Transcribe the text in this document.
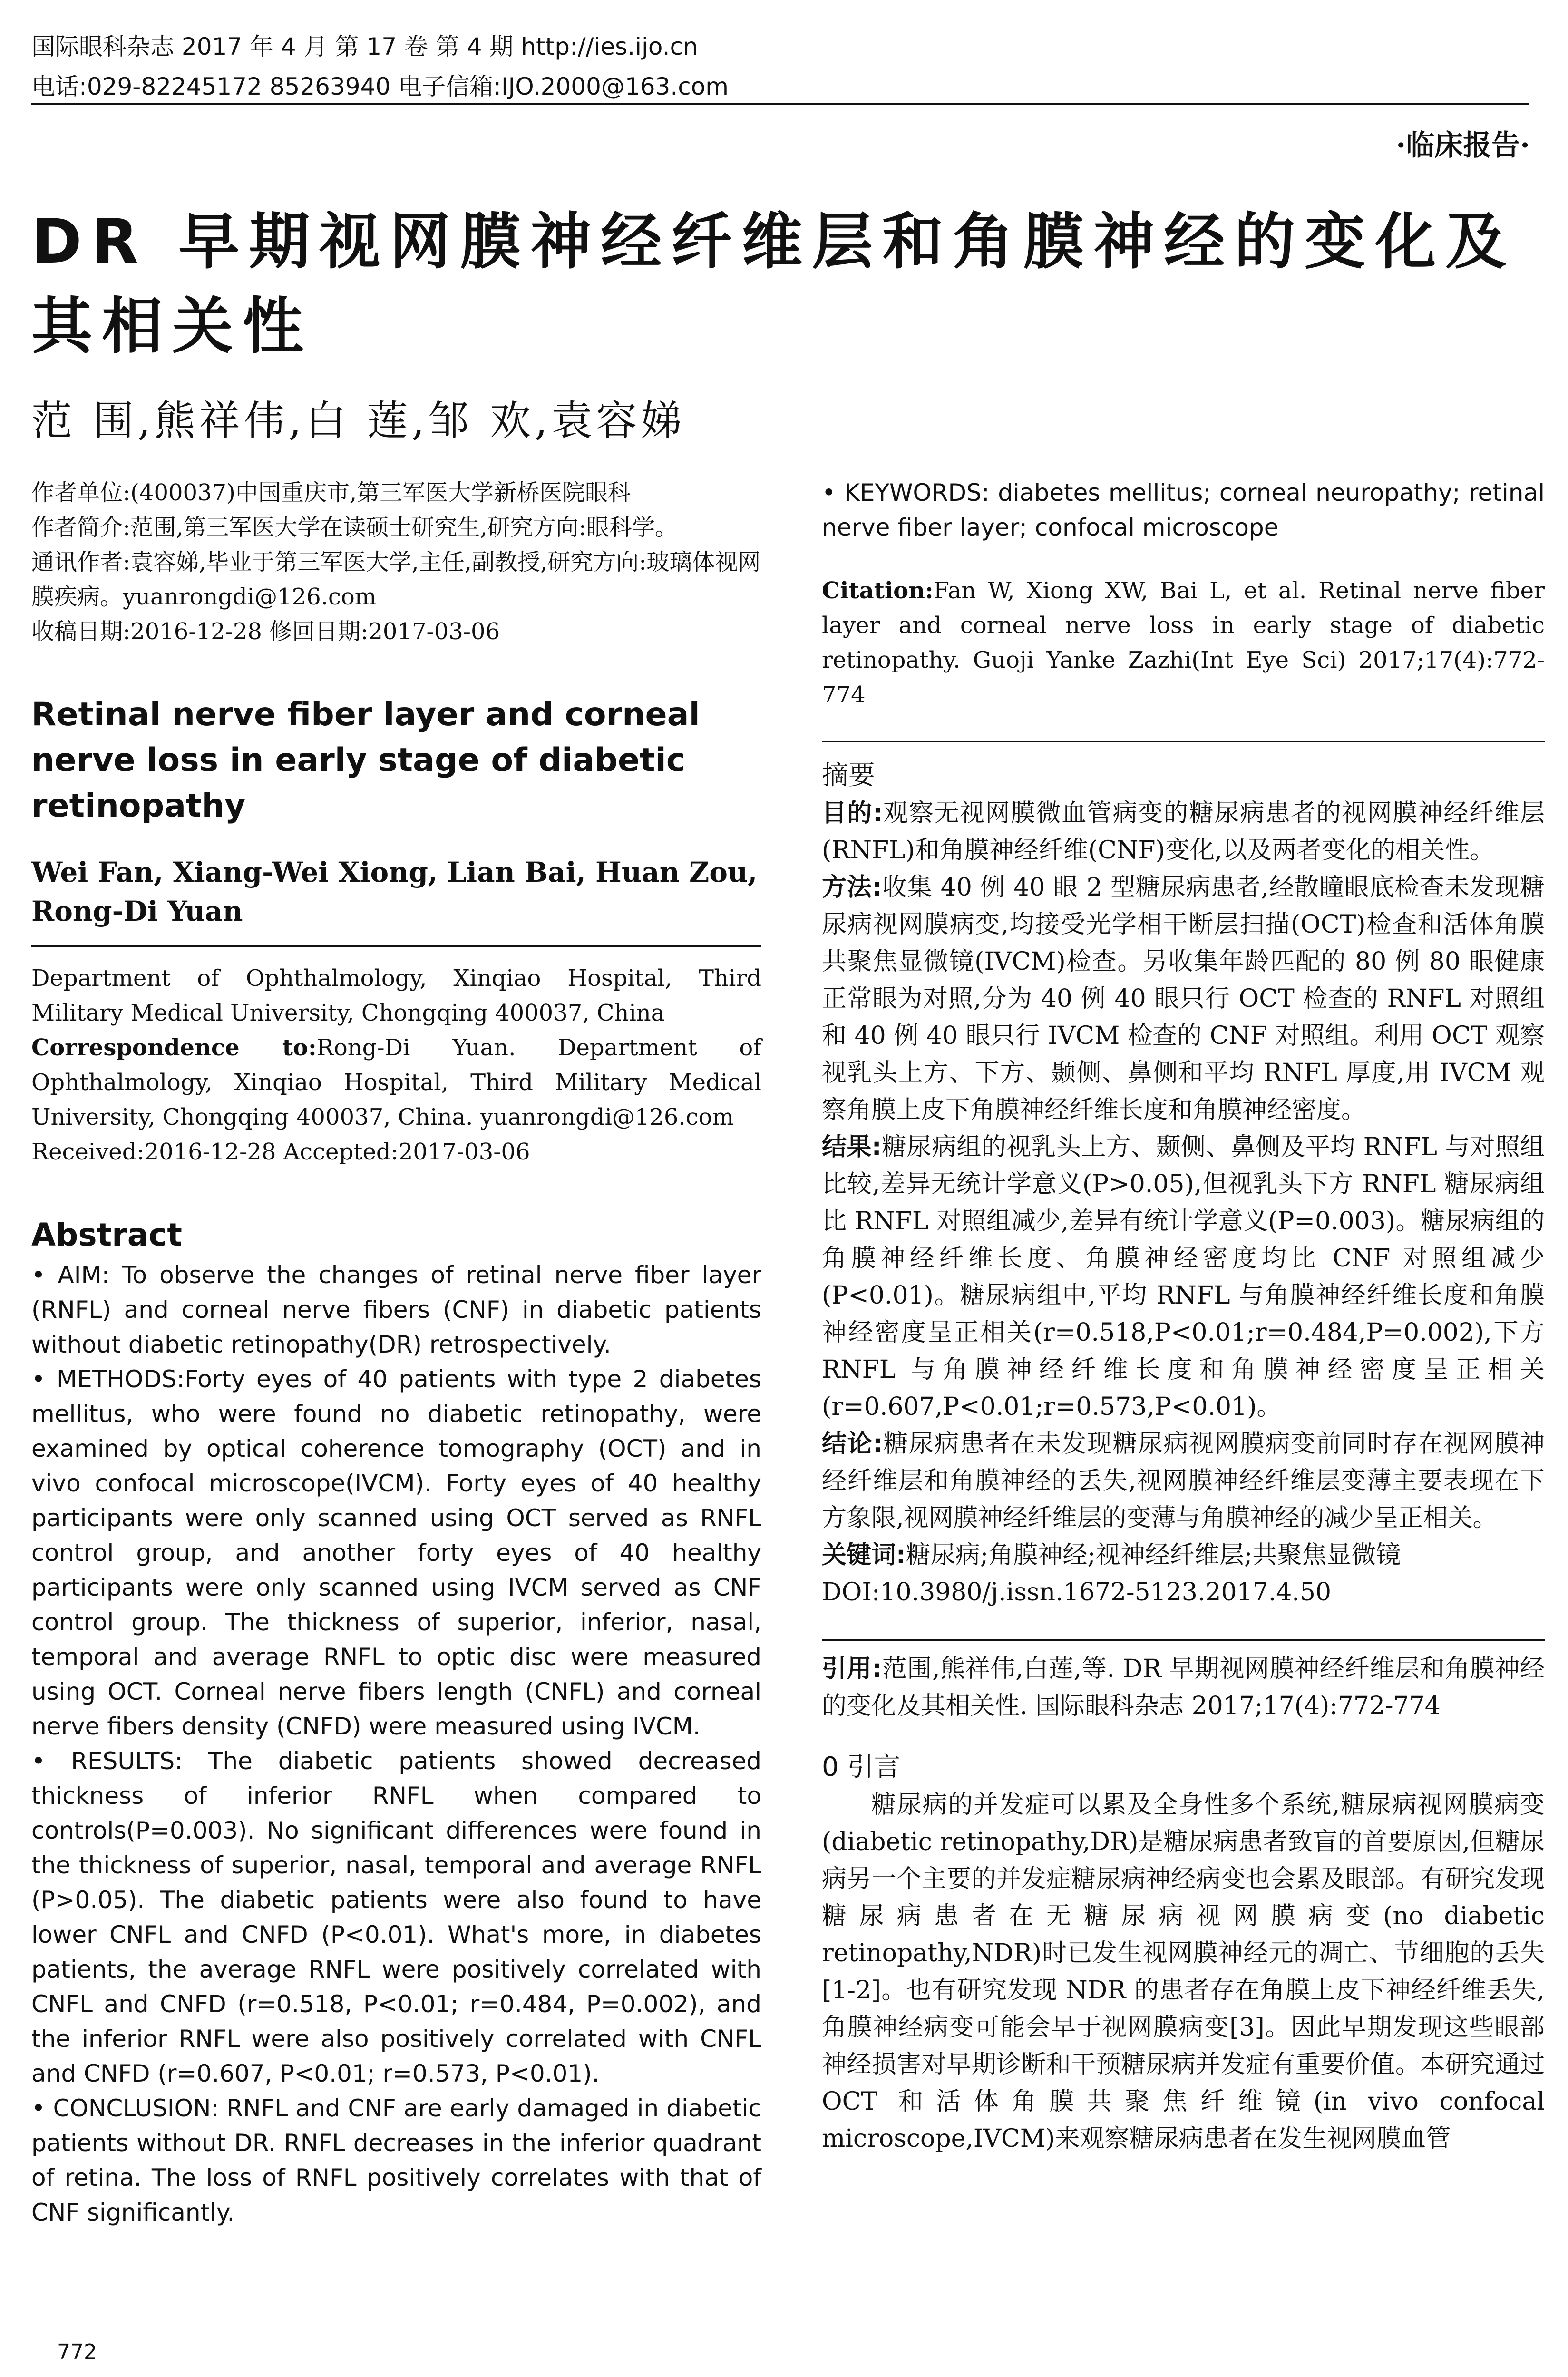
国际眼科杂志 2017 年 4 月 第 17 卷 第 4 期 http://ies.ijo.cn
电话:029-82245172 85263940 电子信箱:IJO.2000@163.com
·临床报告·
DR 早期视网膜神经纤维层和角膜神经的变化及其相关性
范 围,熊祥伟,白 莲,邹 欢,袁容娣

作者单位:(400037)中国重庆市,第三军医大学新桥医院眼科

作者简介:范围,第三军医大学在读硕士研究生,研究方向:眼科学。

通讯作者:袁容娣,毕业于第三军医大学,主任,副教授,研究方向:玻璃体视网膜疾病。yuanrongdi@126.com

收稿日期:2016-12-28 修回日期:2017-03-06

Retinal nerve fiber layer and corneal nerve loss in early stage of diabetic retinopathy

Wei Fan, Xiang-Wei Xiong, Lian Bai, Huan Zou, Rong-Di Yuan

Department of Ophthalmology, Xinqiao Hospital, Third Military Medical University, Chongqing 400037, China

Correspondence to:Rong-Di Yuan. Department of Ophthalmology, Xinqiao Hospital, Third Military Medical University, Chongqing 400037, China. yuanrongdi@126.com

Received:2016-12-28 Accepted:2017-03-06

Abstract

• AIM: To observe the changes of retinal nerve fiber layer (RNFL) and corneal nerve fibers (CNF) in diabetic patients without diabetic retinopathy(DR) retrospectively.

• METHODS:Forty eyes of 40 patients with type 2 diabetes mellitus, who were found no diabetic retinopathy, were examined by optical coherence tomography (OCT) and in vivo confocal microscope(IVCM). Forty eyes of 40 healthy participants were only scanned using OCT served as RNFL control group, and another forty eyes of 40 healthy participants were only scanned using IVCM served as CNF control group. The thickness of superior, inferior, nasal, temporal and average RNFL to optic disc were measured using OCT. Corneal nerve fibers length (CNFL) and corneal nerve fibers density (CNFD) were measured using IVCM.

• RESULTS: The diabetic patients showed decreased thickness of inferior RNFL when compared to controls(P=0.003). No significant differences were found in the thickness of superior, nasal, temporal and average RNFL (P>0.05). The diabetic patients were also found to have lower CNFL and CNFD (P<0.01). What's more, in diabetes patients, the average RNFL were positively correlated with CNFL and CNFD (r=0.518, P<0.01; r=0.484, P=0.002), and the inferior RNFL were also positively correlated with CNFL and CNFD (r=0.607, P<0.01; r=0.573, P<0.01).

• CONCLUSION: RNFL and CNF are early damaged in diabetic patients without DR. RNFL decreases in the inferior quadrant of retina. The loss of RNFL positively correlates with that of CNF significantly.

• KEYWORDS: diabetes mellitus; corneal neuropathy; retinal nerve fiber layer; confocal microscope

Citation:Fan W, Xiong XW, Bai L, et al. Retinal nerve fiber layer and corneal nerve loss in early stage of diabetic retinopathy. Guoji Yanke Zazhi(Int Eye Sci) 2017;17(4):772-774

摘要

目的:观察无视网膜微血管病变的糖尿病患者的视网膜神经纤维层(RNFL)和角膜神经纤维(CNF)变化,以及两者变化的相关性。

方法:收集 40 例 40 眼 2 型糖尿病患者,经散瞳眼底检查未发现糖尿病视网膜病变,均接受光学相干断层扫描(OCT)检查和活体角膜共聚焦显微镜(IVCM)检查。另收集年龄匹配的 80 例 80 眼健康正常眼为对照,分为 40 例 40 眼只行 OCT 检查的 RNFL 对照组和 40 例 40 眼只行 IVCM 检查的 CNF 对照组。利用 OCT 观察视乳头上方、下方、颞侧、鼻侧和平均 RNFL 厚度,用 IVCM 观察角膜上皮下角膜神经纤维长度和角膜神经密度。

结果:糖尿病组的视乳头上方、颞侧、鼻侧及平均 RNFL 与对照组比较,差异无统计学意义(P>0.05),但视乳头下方 RNFL 糖尿病组比 RNFL 对照组减少,差异有统计学意义(P=0.003)。糖尿病组的角膜神经纤维长度、角膜神经密度均比 CNF 对照组减少(P<0.01)。糖尿病组中,平均 RNFL 与角膜神经纤维长度和角膜神经密度呈正相关(r=0.518,P<0.01;r=0.484,P=0.002),下方 RNFL 与角膜神经纤维长度和角膜神经密度呈正相关(r=0.607,P<0.01;r=0.573,P<0.01)。

结论:糖尿病患者在未发现糖尿病视网膜病变前同时存在视网膜神经纤维层和角膜神经的丢失,视网膜神经纤维层变薄主要表现在下方象限,视网膜神经纤维层的变薄与角膜神经的减少呈正相关。

关键词:糖尿病;角膜神经;视神经纤维层;共聚焦显微镜

DOI:10.3980/j.issn.1672-5123.2017.4.50

引用:范围,熊祥伟,白莲,等. DR 早期视网膜神经纤维层和角膜神经的变化及其相关性. 国际眼科杂志 2017;17(4):772-774

0 引言

糖尿病的并发症可以累及全身性多个系统,糖尿病视网膜病变(diabetic retinopathy,DR)是糖尿病患者致盲的首要原因,但糖尿病另一个主要的并发症糖尿病神经病变也会累及眼部。有研究发现糖尿病患者在无糖尿病视网膜病变(no diabetic retinopathy,NDR)时已发生视网膜神经元的凋亡、节细胞的丢失[1-2]。也有研究发现 NDR 的患者存在角膜上皮下神经纤维丢失,角膜神经病变可能会早于视网膜病变[3]。因此早期发现这些眼部神经损害对早期诊断和干预糖尿病并发症有重要价值。本研究通过 OCT 和活体角膜共聚焦纤维镜(in vivo confocal microscope,IVCM)来观察糖尿病患者在发生视网膜血管

772
